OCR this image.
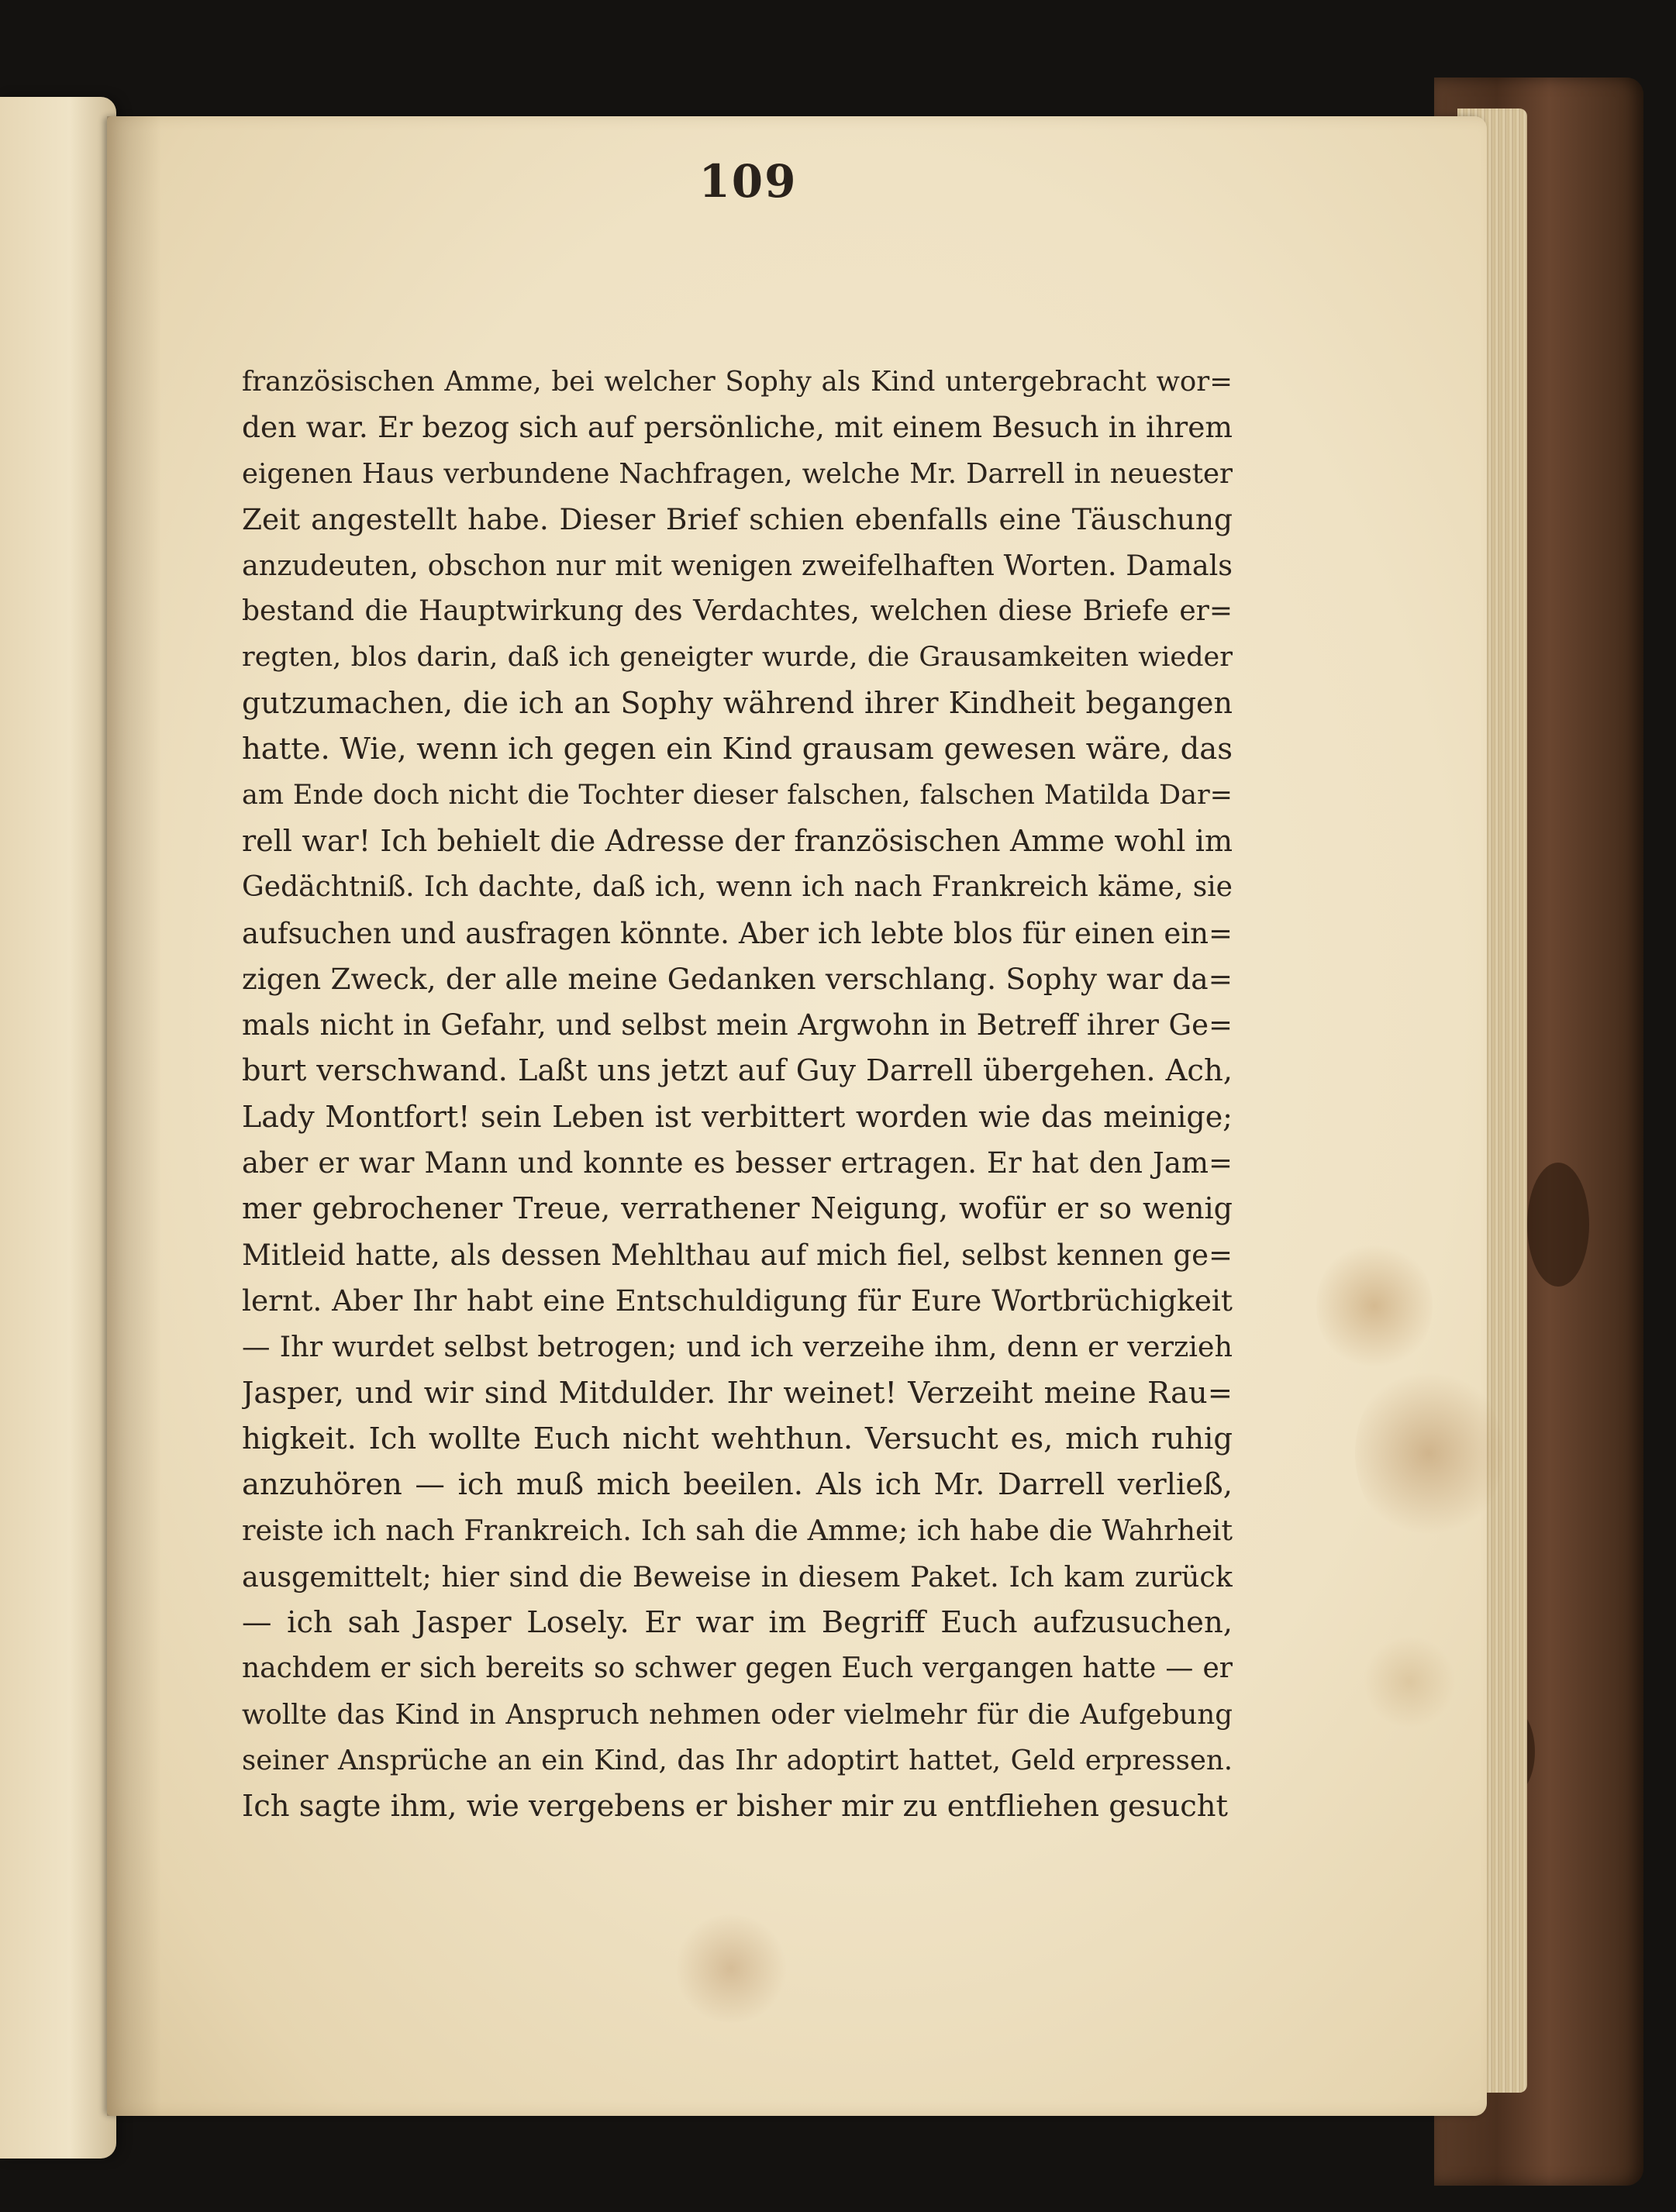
109
französischen Amme, bei welcher Sophy als Kind untergebracht wor=
den war. Er bezog sich auf persönliche, mit einem Besuch in ihrem
eigenen Haus verbundene Nachfragen, welche Mr. Darrell in neuester
Zeit angestellt habe. Dieser Brief schien ebenfalls eine Täuschung
anzudeuten, obschon nur mit wenigen zweifelhaften Worten. Damals
bestand die Hauptwirkung des Verdachtes, welchen diese Briefe er=
regten, blos darin, daß ich geneigter wurde, die Grausamkeiten wieder
gutzumachen, die ich an Sophy während ihrer Kindheit begangen
hatte. Wie, wenn ich gegen ein Kind grausam gewesen wäre, das
am Ende doch nicht die Tochter dieser falschen, falschen Matilda Dar=
rell war! Ich behielt die Adresse der französischen Amme wohl im
Gedächtniß. Ich dachte, daß ich, wenn ich nach Frankreich käme, sie
aufsuchen und ausfragen könnte. Aber ich lebte blos für einen ein=
zigen Zweck, der alle meine Gedanken verschlang. Sophy war da=
mals nicht in Gefahr, und selbst mein Argwohn in Betreff ihrer Ge=
burt verschwand. Laßt uns jetzt auf Guy Darrell übergehen. Ach,
Lady Montfort! sein Leben ist verbittert worden wie das meinige;
aber er war Mann und konnte es besser ertragen. Er hat den Jam=
mer gebrochener Treue, verrathener Neigung, wofür er so wenig
Mitleid hatte, als dessen Mehlthau auf mich fiel, selbst kennen ge=
lernt. Aber Ihr habt eine Entschuldigung für Eure Wortbrüchigkeit
— Ihr wurdet selbst betrogen; und ich verzeihe ihm, denn er verzieh
Jasper, und wir sind Mitdulder. Ihr weinet! Verzeiht meine Rau=
higkeit. Ich wollte Euch nicht wehthun. Versucht es, mich ruhig
anzuhören — ich muß mich beeilen. Als ich Mr. Darrell verließ,
reiste ich nach Frankreich. Ich sah die Amme; ich habe die Wahrheit
ausgemittelt; hier sind die Beweise in diesem Paket. Ich kam zurück
— ich sah Jasper Losely. Er war im Begriff Euch aufzusuchen,
nachdem er sich bereits so schwer gegen Euch vergangen hatte — er
wollte das Kind in Anspruch nehmen oder vielmehr für die Aufgebung
seiner Ansprüche an ein Kind, das Ihr adoptirt hattet, Geld erpressen.
Ich sagte ihm, wie vergebens er bisher mir zu entfliehen gesucht
